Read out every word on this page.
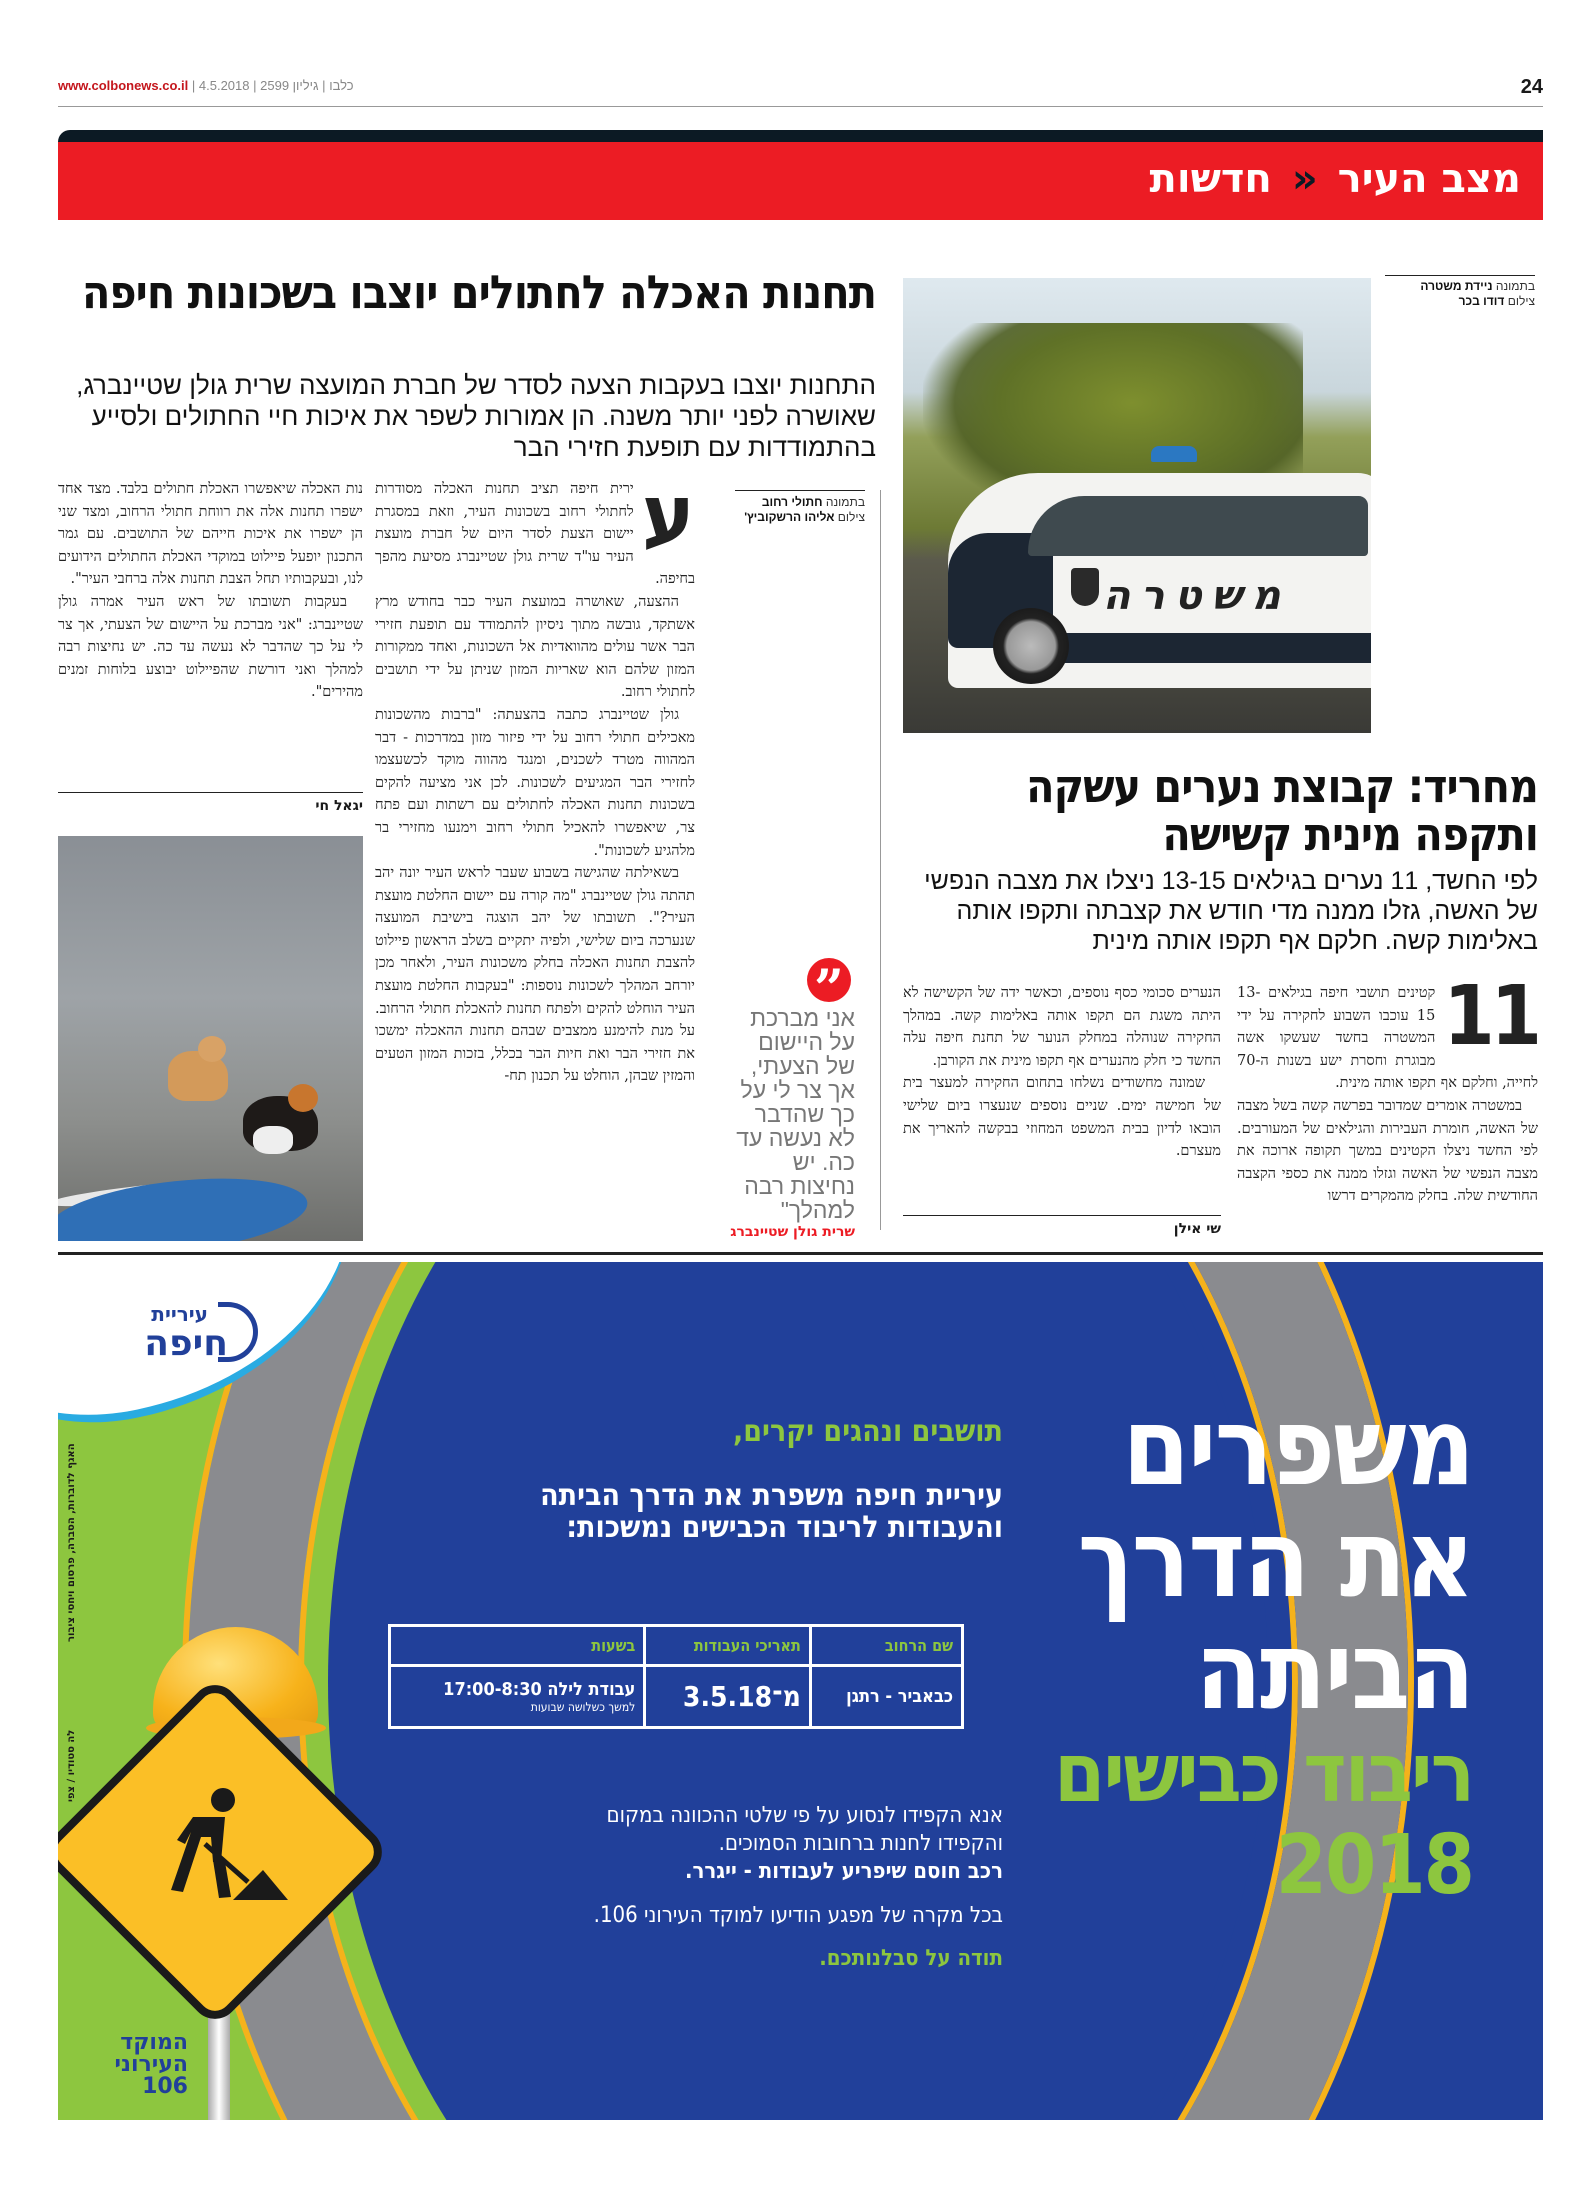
www.colbonews.co.il |	כלבו | גיליון 2599 | 4.5.2018	24
מצב העיר « חדשות
תחנות האכלה לחתולים יוצבו בשכונות חיפה
התחנות יוצבו בעקבות הצעה לסדר של חברת המועצה שרית גולן שטיינברג, שאושרה לפני יותר משנה. הן אמורות לשפר את איכות חיי החתולים ולסייע בהתמודדות עם תופעת חזירי הבר

ע
ירית חיפה תציב תחנות האכלה מסודרות לחתולי רחוב בשכונות העיר, וזאת במסגרת יישום הצעת לסדר היום של חברת מועצת העיר עו"ד שרית גולן שטיינברג מסיעת מהפך בחיפה.

ההצעה, שאושרה במועצת העיר כבר בחודש מרץ אשתקד, גובשה מתוך ניסיון להתמודד עם תופעת חזירי הבר אשר עולים מהוואדיות אל השכונות, ואחד ממקורות המזון שלהם הוא שאריות המזון שניתן על ידי תושבים לחתולי רחוב.

גולן שטיינברג כתבה בהצעתה: "ברבות מהשכונות מאכילים חתולי רחוב על ידי פיזור מזון במדרכות - דבר המהווה מטרד לשכנים, ומנגד מהווה מוקד לכשעצמו לחזירי הבר המגיעים לשכונות. לכן אני מציעה להקים בשכונות תחנות האכלה לחתולים עם רשתות ועם פתח צר, שיאפשרו להאכיל חתולי רחוב וימנעו מחזירי בר מלהגיע לשכונות".

בשאילתה שהגישה בשבוע שעבר לראש העיר יונה יהב תהתה גולן שטיינברג "מה קורה עם יישום החלטת מועצת העיר?". תשובתו של יהב הוצגה בישיבת המועצה שנערכה ביום שלישי, ולפיה יתקיים בשלב הראשון פיילוט להצבת תחנות האכלה בחלק משכונות העיר, ולאחר מכן יורחב המהלך לשכונות נוספות: "בעקבות החלטת מועצת העיר הוחלט להקים ולפתח תחנות להאכלת חתולי הרחוב. על מנת להימנע ממצבים שבהם תחנות ההאכלה ימשכו את חזירי הבר ואת חיות הבר בכלל, בזכות המזון הטעים והמזין שבהן, הוחלט על תכנון תח-

נות האכלה שיאפשרו האכלת חתולים בלבד. מצד אחד ישפרו תחנות אלה את רווחת חתולי הרחוב, ומצד שני הן ישפרו את איכות חייהם של התושבים. עם גמר התכנון יופעל פיילוט במוקדי האכלת החתולים הידועים לנו, ובעקבותיו תחל הצבת תחנות אלה ברחבי העיר".

בעקבות תשובתו של ראש העיר אמרה גולן שטיינברג: "אני מברכת על היישום של הצעתי, אך צר לי על כך שהדבר לא נעשה עד כה. יש נחיצות רבה למהלך ואני דורשת שהפיילוט יבוצע בלוחות זמנים מהירים".

יגאל חי
בתמונה חתולי רחוב
צילום אליהו הרשקוביץ'
”
אני מברכת על היישום של הצעתי, אך צר לי על כך שהדבר לא נעשה עד כה. יש נחיצות רבה למהלך"
שרית גולן שטיינברג
משטרה
בתמונה ניידת משטרה
צילום דודו בכר
מחריד: קבוצת נערים עשקה ותקפה מינית קשישה
לפי החשד, 11 נערים בגילאים 13-15 ניצלו את מצבה הנפשי של האשה, גזלו ממנה מדי חודש את קצבתה ותקפו אותה באלימות קשה. חלקם אף תקפו אותה מינית

11
קטינים תושבי חיפה בגילאים 13-15 עוכבו השבוע לחקירה על ידי המשטרה בחשד שעשקו אשה מבוגרת וחסרת ישע בשנות ה-70 לחייה, וחלקם אף תקפו אותה מינית.

במשטרה אומרים שמדובר בפרשה קשה בשל מצבה של האשה, חומרת העבירות והגילאים של המעורבים. לפי החשד ניצלו הקטינים במשך תקופה ארוכה את מצבה הנפשי של האשה וגזלו ממנה את כספי הקצבה החודשית שלה. בחלק מהמקרים דרשו

הנערים סכומי כסף נוספים, וכאשר ידה של הקשישה לא היתה משגת הם תקפו אותה באלימות קשה. במהלך החקירה שנוהלה במחלק הנוער של תחנת חיפה עלה החשד כי חלק מהנערים אף תקפו מינית את הקורבן.

שמונה מחשודים נשלחו בתחום החקירה למעצר בית של חמישה ימים. שניים נוספים שנעצרו ביום שלישי הובאו לדיון בבית המשפט המחוזי בבקשה להאריך את מעצרם.

שי אילן
עיריית
חיפה
האגף לדוברות, הסברה, פרסום ויחסי ציבור
לה סטודיו ∕ צפי
המוקד
העירוני
106
תושבים ונהגים יקרים,
עיריית חיפה משפרת את הדרך הביתה
והעבודות לריבוד הכבישים נמשכות:
שם הרחוב	תאריכי העבודות	בשעות
כבאביר - רתגן	מ־3.5.18	עבודת לילה 17:00-8:30
למשך כשלושה שבועות
אנא הקפידו לנסוע על פי שלטי ההכוונה במקום
והקפידו לחנות ברחובות הסמוכים.
רכב חוסם שיפריע לעבודות - ייגרר.
בכל מקרה של מפגע הודיעו למוקד העירוני 106.
תודה על סבלנותכם.
משפרים
את הדרך
הביתה
ריבוד כבישים
2018
